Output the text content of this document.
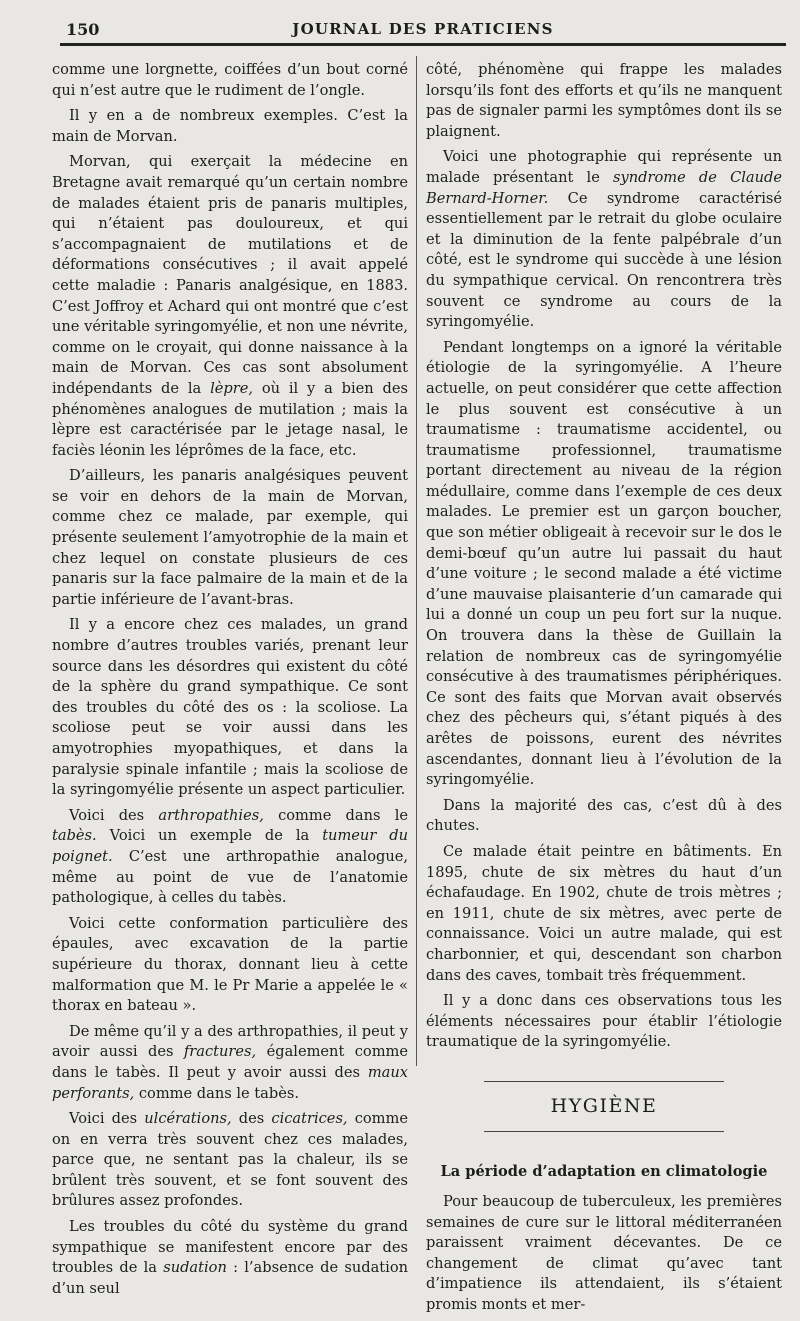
150	JOURNAL DES PRATICIENS

comme une lorgnette, coiffées d’un bout corné qui n’est autre que le rudiment de l’ongle.

Il y en a de nombreux exemples. C’est la main de Morvan.

Morvan, qui exerçait la médecine en Bretagne avait remarqué qu’un certain nombre de malades étaient pris de panaris multiples, qui n’étaient pas douloureux, et qui s’accompagnaient de mutilations et de déformations consécutives ; il avait appelé cette maladie : Panaris analgésique, en 1883. C’est Joffroy et Achard qui ont montré que c’est une véritable syringomyélie, et non une névrite, comme on le croyait, qui donne naissance à la main de Morvan. Ces cas sont absolument indépendants de la lèpre, où il y a bien des phénomènes analogues de mutilation ; mais la lèpre est caractérisée par le jetage nasal, le faciès léonin les léprômes de la face, etc.

D’ailleurs, les panaris analgésiques peuvent se voir en dehors de la main de Morvan, comme chez ce malade, par exemple, qui présente seulement l’amyotrophie de la main et chez lequel on constate plusieurs de ces panaris sur la face palmaire de la main et de la partie inférieure de l’avant-bras.

Il y a encore chez ces malades, un grand nombre d’autres troubles variés, prenant leur source dans les désordres qui existent du côté de la sphère du grand sympathique. Ce sont des troubles du côté des os : la scoliose. La scoliose peut se voir aussi dans les amyotrophies myopathiques, et dans la paralysie spinale infantile ; mais la scoliose de la syringomyélie présente un aspect particulier.

Voici des arthropathies, comme dans le tabès. Voici un exemple de la tumeur du poignet. C’est une arthropathie analogue, même au point de vue de l’anatomie pathologique, à celles du tabès.

Voici cette conformation particulière des épaules, avec excavation de la partie supérieure du thorax, donnant lieu à cette malformation que M. le Pr Marie a appelée le « thorax en bateau ».

De même qu’il y a des arthropathies, il peut y avoir aussi des fractures, également comme dans le tabès. Il peut y avoir aussi des maux perforants, comme dans le tabès.

Voici des ulcérations, des cicatrices, comme on en verra très souvent chez ces malades, parce que, ne sentant pas la chaleur, ils se brûlent très souvent, et se font souvent des brûlures assez profondes.

Les troubles du côté du système du grand sympathique se manifestent encore par des troubles de la sudation : l’absence de sudation d’un seul

côté, phénomène qui frappe les malades lorsqu’ils font des efforts et qu’ils ne manquent pas de signaler parmi les symptômes dont ils se plaignent.

Voici une photographie qui représente un malade présentant le syndrome de Claude Bernard-Horner. Ce syndrome caractérisé essentiellement par le retrait du globe oculaire et la diminution de la fente palpébrale d’un côté, est le syndrome qui succède à une lésion du sympathique cervical. On rencontrera très souvent ce syndrome au cours de la syringomyélie.

Pendant longtemps on a ignoré la véritable étiologie de la syringomyélie. A l’heure actuelle, on peut considérer que cette affection le plus souvent est consécutive à un traumatisme : traumatisme accidentel, ou traumatisme professionnel, traumatisme portant directement au niveau de la région médullaire, comme dans l’exemple de ces deux malades. Le premier est un garçon boucher, que son métier obligeait à recevoir sur le dos le demi-bœuf qu’un autre lui passait du haut d’une voiture ; le second malade a été victime d’une mauvaise plaisanterie d’un camarade qui lui a donné un coup un peu fort sur la nuque. On trouvera dans la thèse de Guillain la relation de nombreux cas de syringomyélie consécutive à des traumatismes périphériques. Ce sont des faits que Morvan avait observés chez des pêcheurs qui, s’étant piqués à des arêtes de poissons, eurent des névrites ascendantes, donnant lieu à l’évolution de la syringomyélie.

Dans la majorité des cas, c’est dû à des chutes.

Ce malade était peintre en bâtiments. En 1895, chute de six mètres du haut d’un échafaudage. En 1902, chute de trois mètres ; en 1911, chute de six mètres, avec perte de connaissance. Voici un autre malade, qui est charbonnier, et qui, descendant son charbon dans des caves, tombait très fréquemment.

Il y a donc dans ces observations tous les éléments nécessaires pour établir l’étiologie traumatique de la syringomyélie.

HYGIÈNE
La période d’adaptation en climatologie

Pour beaucoup de tuberculeux, les premières semaines de cure sur le littoral méditerranéen paraissent vraiment décevantes. De ce changement de climat qu’avec tant d’impatience ils attendaient, ils s’étaient promis monts et mer-
